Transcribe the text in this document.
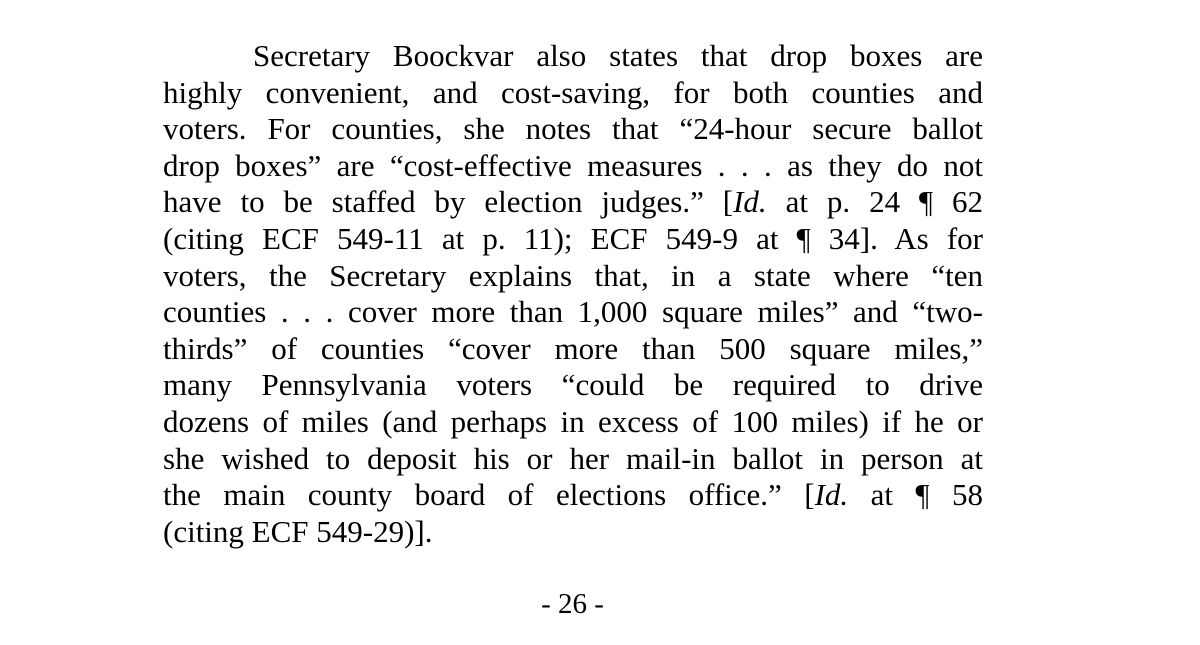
Secretary Boockvar also states that drop boxes are
highly convenient, and cost-saving, for both counties and
voters. For counties, she notes that “24-hour secure ballot
drop boxes” are “cost-effective measures . . . as they do not
have to be staffed by election judges.” [Id. at p. 24 ¶ 62
(citing ECF 549-11 at p. 11); ECF 549-9 at ¶ 34]. As for
voters, the Secretary explains that, in a state where “ten
counties . . . cover more than 1,000 square miles” and “two-
thirds” of counties “cover more than 500 square miles,”
many Pennsylvania voters “could be required to drive
dozens of miles (and perhaps in excess of 100 miles) if he or
she wished to deposit his or her mail-in ballot in person at
the main county board of elections office.” [Id. at ¶ 58
(citing ECF 549-29)].
- 26 -
